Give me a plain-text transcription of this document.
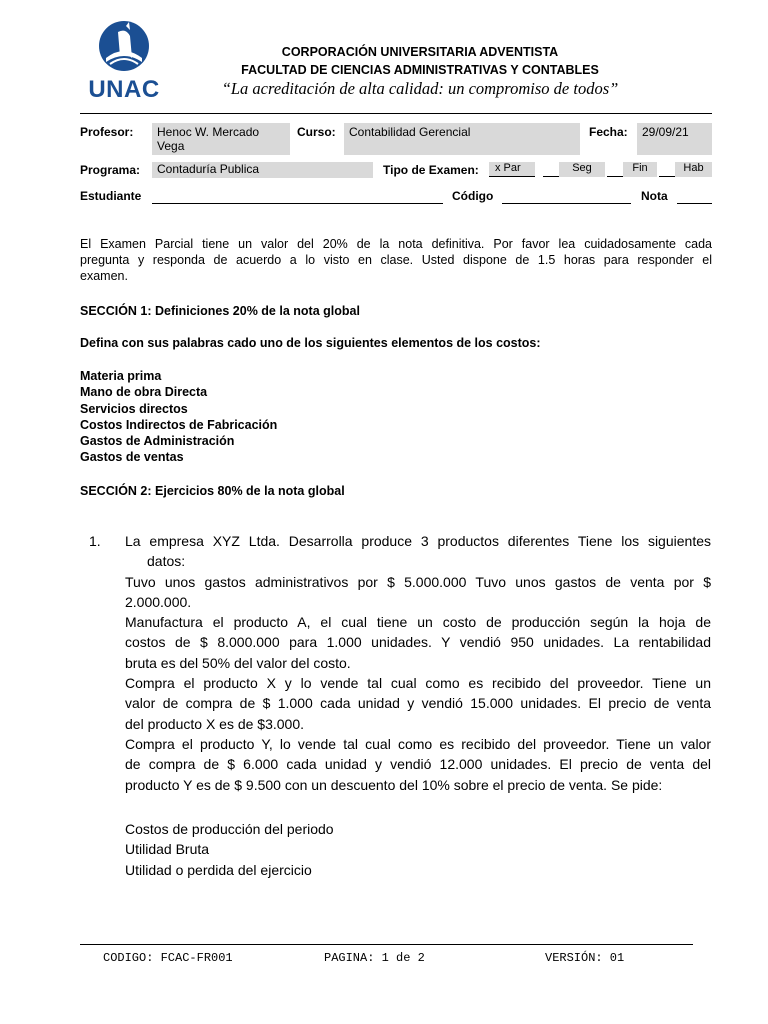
UNAC
CORPORACIÓN UNIVERSITARIA ADVENTISTA
FACULTAD DE CIENCIAS ADMINISTRATIVAS Y CONTABLES
“La acreditación de alta calidad: un compromiso de todos”
Profesor: Henoc W. Mercado
Vega
Curso:	Contabilidad Gerencial	Fecha:	29/09/21
Programa:	Contaduría Publica	Tipo de Examen:	x Par	Seg	Fin	Hab
Estudiante	Código	Nota
El Examen Parcial tiene un valor del 20% de la nota definitiva. Por favor lea cuidadosamente cada
pregunta y responda de acuerdo a lo visto en clase. Usted dispone de 1.5 horas para responder el
examen.
SECCIÓN 1: Definiciones 20% de la nota global
Defina con sus palabras cado uno de los siguientes elementos de los costos:
Materia prima
Mano de obra Directa
Servicios directos
Costos Indirectos de Fabricación
Gastos de Administración
Gastos de ventas
SECCIÓN 2: Ejercicios 80% de la nota global
1. La empresa XYZ Ltda. Desarrolla produce 3 productos diferentes Tiene los siguientes
datos:
Tuvo unos gastos administrativos por $ 5.000.000 Tuvo unos gastos de venta por $
2.000.000.
Manufactura el producto A, el cual tiene un costo de producción según la hoja de
costos de $ 8.000.000 para 1.000 unidades. Y vendió 950 unidades. La rentabilidad
bruta es del 50% del valor del costo.
Compra el producto X y lo vende tal cual como es recibido del proveedor. Tiene un
valor de compra de $ 1.000 cada unidad y vendió 15.000 unidades. El precio de venta
del producto X es de $3.000.
Compra el producto Y, lo vende tal cual como es recibido del proveedor. Tiene un valor
de compra de $ 6.000 cada unidad y vendió 12.000 unidades. El precio de venta del
producto Y es de $ 9.500 con un descuento del 10% sobre el precio de venta. Se pide:
Costos de producción del periodo
Utilidad Bruta
Utilidad o perdida del ejercicio
CODIGO: FCAC-FR001	PAGINA: 1 de 2	VERSIÓN: 01
